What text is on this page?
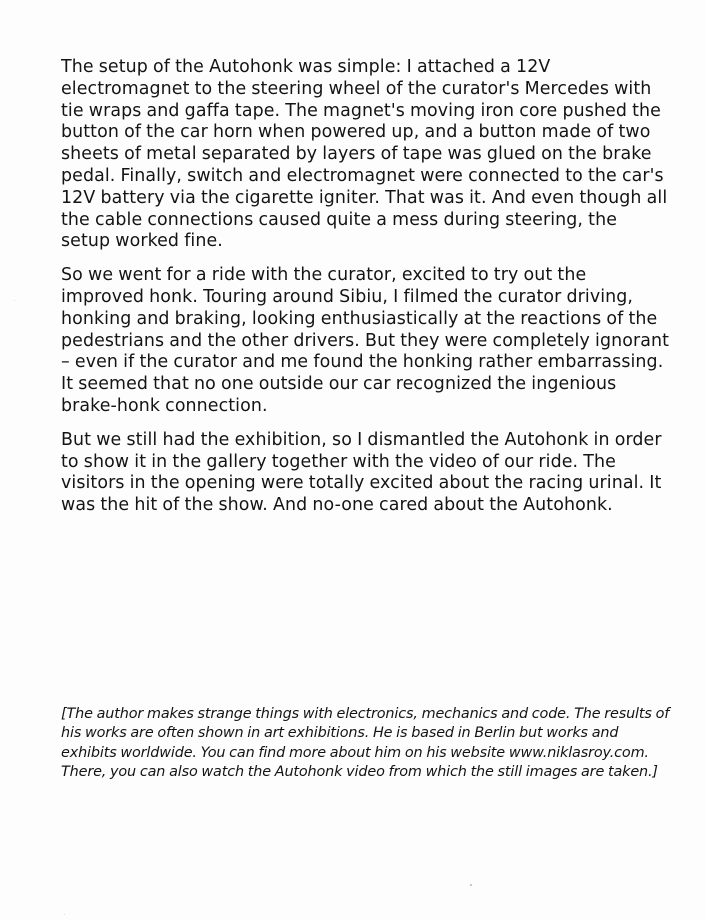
The setup of the Autohonk was simple: I attached a 12V electromagnet to the steering wheel of the curator's Mercedes with tie wraps and gaffa tape. The magnet's moving iron core pushed the button of the car horn when powered up, and a button made of two sheets of metal separated by layers of tape was glued on the brake pedal. Finally, switch and electromagnet were connected to the car's 12V battery via the cigarette igniter. That was it. And even though all the cable connections caused quite a mess during steering, the setup worked fine.

So we went for a ride with the curator, excited to try out the improved honk. Touring around Sibiu, I filmed the curator driving, honking and braking, looking enthusiastically at the reactions of the pedestrians and the other drivers. But they were completely ignorant – even if the curator and me found the honking rather embarrassing. It seemed that no one outside our car recognized the ingenious brake-honk connection.

But we still had the exhibition, so I dismantled the Autohonk in order to show it in the gallery together with the video of our ride. The visitors in the opening were totally excited about the racing urinal. It was the hit of the show. And no-one cared about the Autohonk.

[The author makes strange things with electronics, mechanics and code. The results of his works are often shown in art exhibitions. He is based in Berlin but works and exhibits worldwide. You can find more about him on his website www.niklasroy.com. There, you can also watch the Autohonk video from which the still images are taken.]
